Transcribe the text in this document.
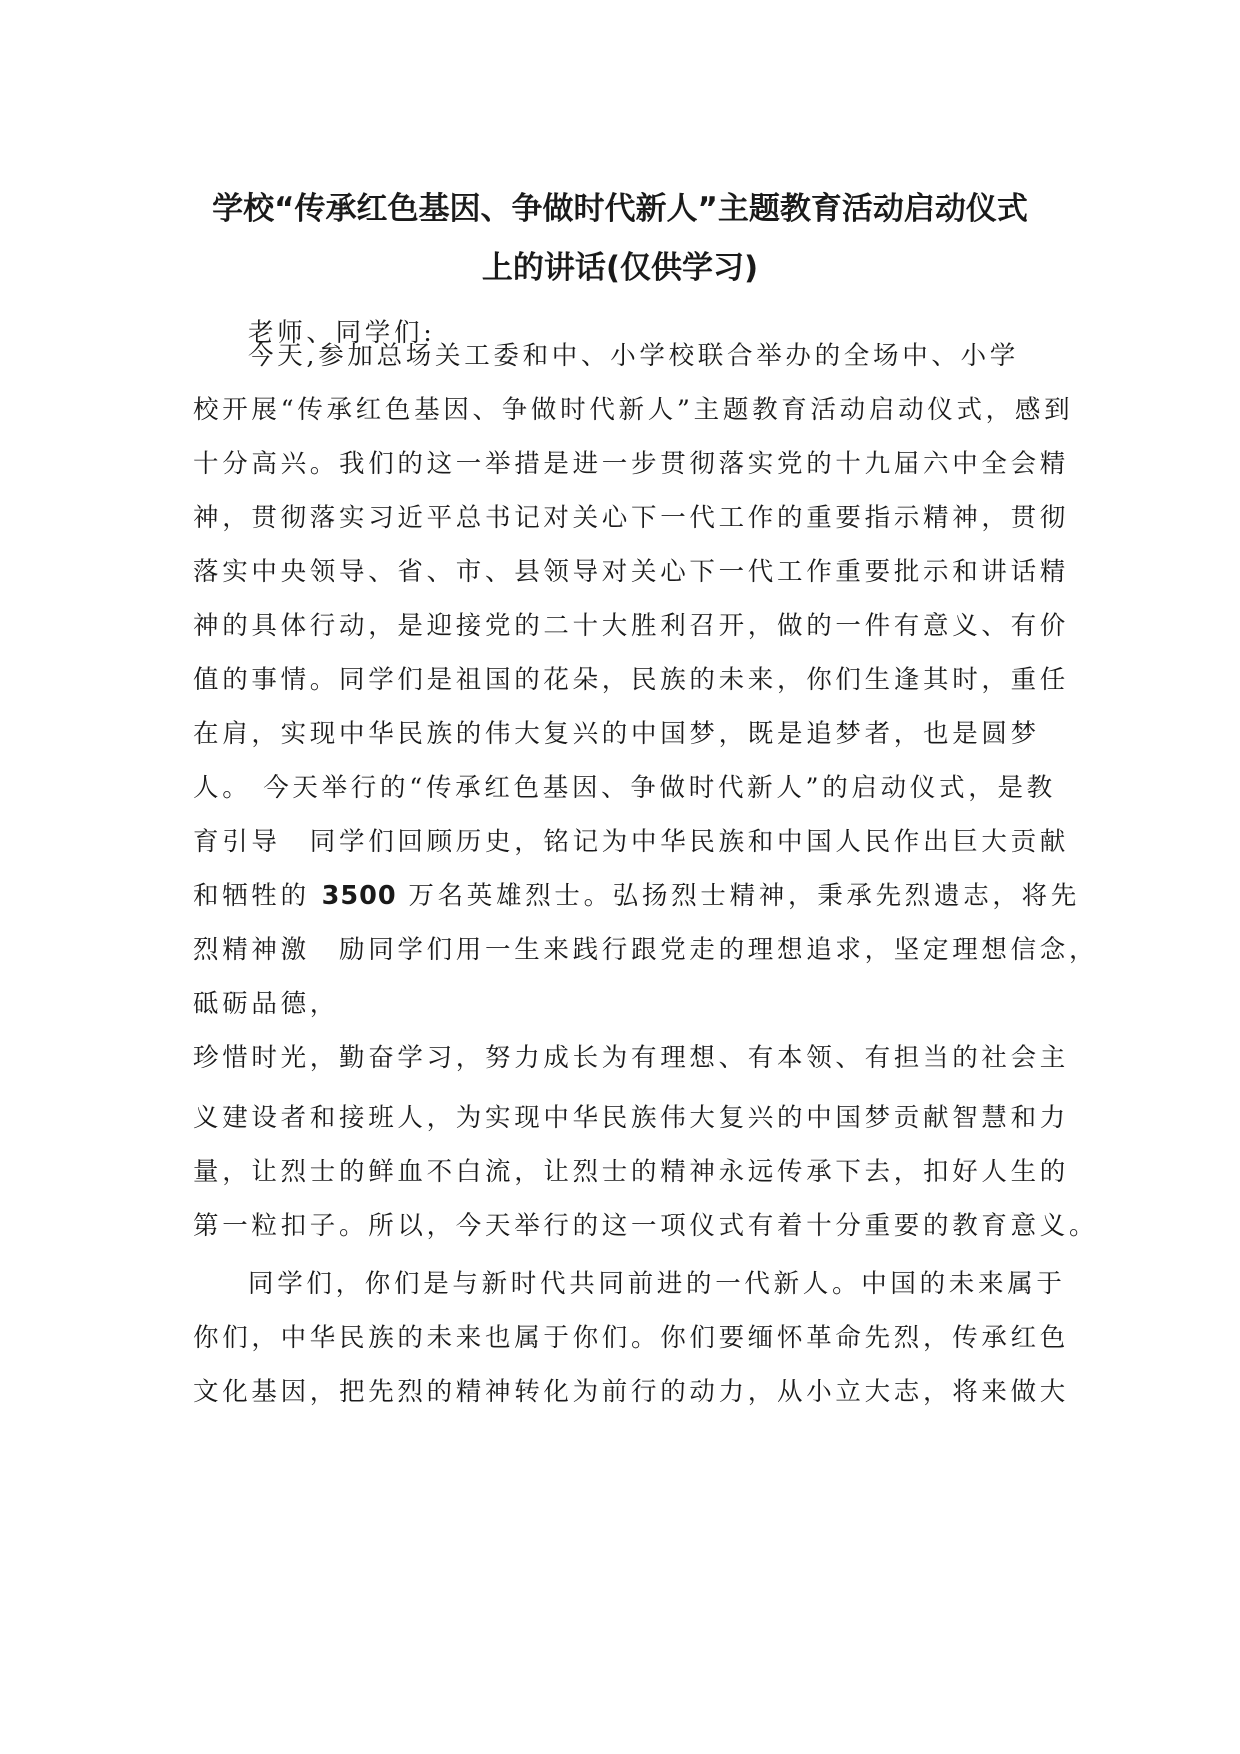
学校“传承红色基因、争做时代新人”主题教育活动启动仪式
上的讲话(仅供学习)

老师、同学们:

今天,参加总场关工委和中、小学校联合举办的全场中、小学

校开展“传承红色基因、争做时代新人”主题教育活动启动仪式，感到

十分高兴。我们的这一举措是进一步贯彻落实党的十九届六中全会精

神，贯彻落实习近平总书记对关心下一代工作的重要指示精神，贯彻

落实中央领导、省、市、县领导对关心下一代工作重要批示和讲话精

神的具体行动，是迎接党的二十大胜利召开，做的一件有意义、有价

值的事情。同学们是祖国的花朵，民族的未来，你们生逢其时，重任

在肩，实现中华民族的伟大复兴的中国梦，既是追梦者，也是圆梦

人。 今天举行的“传承红色基因、争做时代新人”的启动仪式，是教

育引导　同学们回顾历史，铭记为中华民族和中国人民作出巨大贡献

和牺牲的 3500 万名英雄烈士。弘扬烈士精神，秉承先烈遗志，将先

烈精神激　励同学们用一生来践行跟党走的理想追求，坚定理想信念，

砥砺品德，

珍惜时光，勤奋学习，努力成长为有理想、有本领、有担当的社会主

义建设者和接班人，为实现中华民族伟大复兴的中国梦贡献智慧和力

量，让烈士的鲜血不白流，让烈士的精神永远传承下去，扣好人生的

第一粒扣子。所以，今天举行的这一项仪式有着十分重要的教育意义。

同学们，你们是与新时代共同前进的一代新人。中国的未来属于

你们，中华民族的未来也属于你们。你们要缅怀革命先烈，传承红色

文化基因，把先烈的精神转化为前行的动力，从小立大志，将来做大
